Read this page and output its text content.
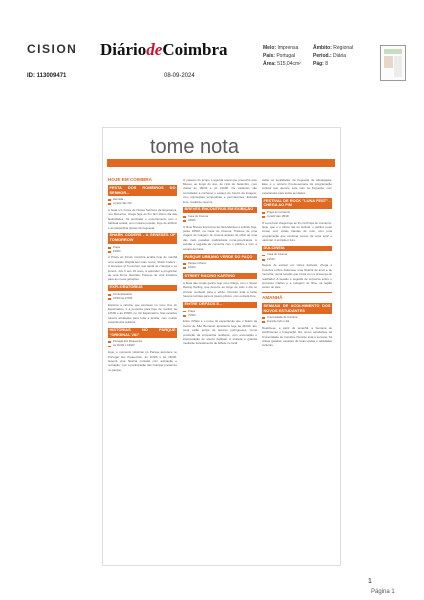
CISION DiáriodeCoimbra	Meio: Imprensa
País: Portugal
Área: 515,04cm²
Âmbito: Regional
Period.: Diária
Pág: 8
ID: 113009471	08-09-2024
tome nota
HOJE EM COIMBRA
FESTA DOS ROMEIROS DO SENHOR...
Hermida
A partir das 21h
A festa em honra de Nossa Senhora da Esperança, nos Romeiros, chega hoje ao fim. Em último dia das festividades, há procissão e encerramento com o habitual arraial, com música popular, fogo de artifício e as tasquinhas típicas da freguesia.
SHARK CODERS - A GENESES OF TOMORROW
Praça
10h00
A Praça do Fórum Coimbra acolhe hoje de manhã uma sessão dirigida aos mais novos, Shark Coders - A Geneses of Tomorrow, que ajuda as crianças e os jovens, dos 6 aos 15 anos, a aprender a programar de uma forma divertida. Trata-se de uma iniciativa para as novas gerações.
EXPLORATORIUS
UC Exploratório
10h00 às 17h00
Explorar a ciência, que acontece no novo Ovo do Exploratório, é a proposta para hoje de manhã, às 10h00 e às 15h00, no UC Exploratório. Nas sessões haverá atividades para toda a família, com muitas experiências práticas.
HISTÓRIAS NO PARQUE "ORIGINAL VAI"
Portugal dos Pequenitos
Às 11h00 e 16h00
Hoje, o momento Histórias no Parque acontece no Portugal dos Pequenitos, às 11h00 e às 16h00. Haverá uma história contada com animação e recriação, com a participação das crianças presentes no parque.
O passeio do tempo e agenda anual que preenche este Museu, ao longo do ano, do ciclo de Setembro, com visitas às 19h00 e às 21h00. Os visitantes são convidados a conhecer o espaço do Centro da Imagem, com exposições temporárias e permanentes. Entrada livre, mediante reserva.
BREVES ENCONTROS EM EXIBIÇÃO
Casa do Cinema
18h00
O filme Breves Encontros de Nina Menkes é exibido hoje, pelas 18h00, na Casa do Cinema. Trata-se de uma viagem às imagens do cinema através do olhar de uma das mais ousadas realizadoras norte-americanas. A sessão é seguida de conversa com o público e com a equipa da Casa.
PARQUE URBANO VERDE DO PAÇO
Parque Urbano
10h00
STREET RACING KARTING
A festa das motas ganha hoje novo fôlego, com o Street Racing Karting, que decorre ao longo de todo o dia no circuito montado para o efeito. Durante toda a tarde haverá corridas para os jovens pilotos, com entrada livre.
ENTRE ORFÃOS E...
Praça
21h00
Entre Orfãos é o nome do espectáculo que o Teatro da Cerca de São Bernardo apresenta hoje às 21h00. Em cena estão textos de autores portugueses, numa produção da companhia residente, com encenação e interpretação do elenco habitual. A entrada é gratuita mediante levantamento de bilhete no local.
todas as localidades da freguesia de Almalaguês. Este é o terceiro fim-de-semana da programação cultural que decorre este mês na freguesia, com espetáculos para todas as idades.
FESTIVAL DE ROCK "LUNA FEST" - CHEGA AO FIM
Praça do Comércio
A partir das 18h00
O Luna Fest chega hoje ao fim na Praça do Comércio. Hoje, que é o último dia do festival, o público pode contar com várias bandas de rock, com uma programação que combina nomes da cena local e nacional. A entrada é livre.
DULCINEIA
Casa do Cinema
21h30
Depois de estrear em vários festivais, chega a Coimbra o filme Dulcineia, uma história de amor e de memória, numa sessão que conta com a presença do realizador. A sessão é seguida de conversa sobre o processo criativo e a rodagem do filme na região centro do país.
AMANHÃ
SEMANA DE ACOLHIMENTO DOS NOVOS ESTUDANTES
Universidade de Coimbra
Durante todo o dia
Realiza-se, a partir de amanhã, a Semana de Acolhimento e Integração dos novos estudantes da Universidade de Coimbra. Durante toda a semana, há visitas guiadas, sessões de boas-vindas e atividades culturais.
1
Página 1
